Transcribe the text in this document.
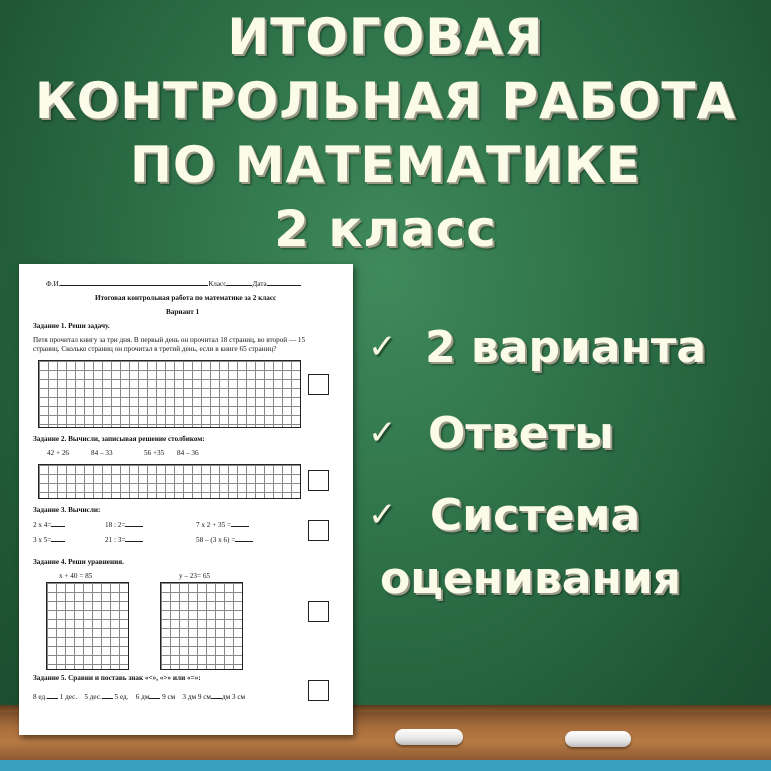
ИТОГОВАЯ
КОНТРОЛЬНАЯ РАБОТА
ПО МАТЕМАТИКЕ
2 класс
✓ 2 варианта
✓ Ответы
✓ Система
оценивания
Ф.И.	Класс	Дата
Итоговая контрольная работа по математике за 2 класс
Вариант 1
Задание 1. Реши задачу.
Петя прочитал книгу за три дня. В первый день он прочитал 18 страниц, во второй — 15
страниц. Сколько страниц он прочитал в третий день, если в книге 65 страниц?
Задание 2. Вычисли, записывая решение столбиком:
42 + 26	84 – 33	56 +35 84 – 36
Задание 3. Вычисли:
2 х 4=	18 : 2=	7 х 2 + 35 =
3 х 5=	21 : 3=	58 – (3 х 6) =
Задание 4. Реши уравнения.
х + 40 = 85	у – 23= 65
Задание 5. Сравни и поставь знак «<», «>» или «=»:
8 ед. 1 дес. 5 дес. 5 ед. 6 дм 9 см 3 дм 9 см дм 3 см
